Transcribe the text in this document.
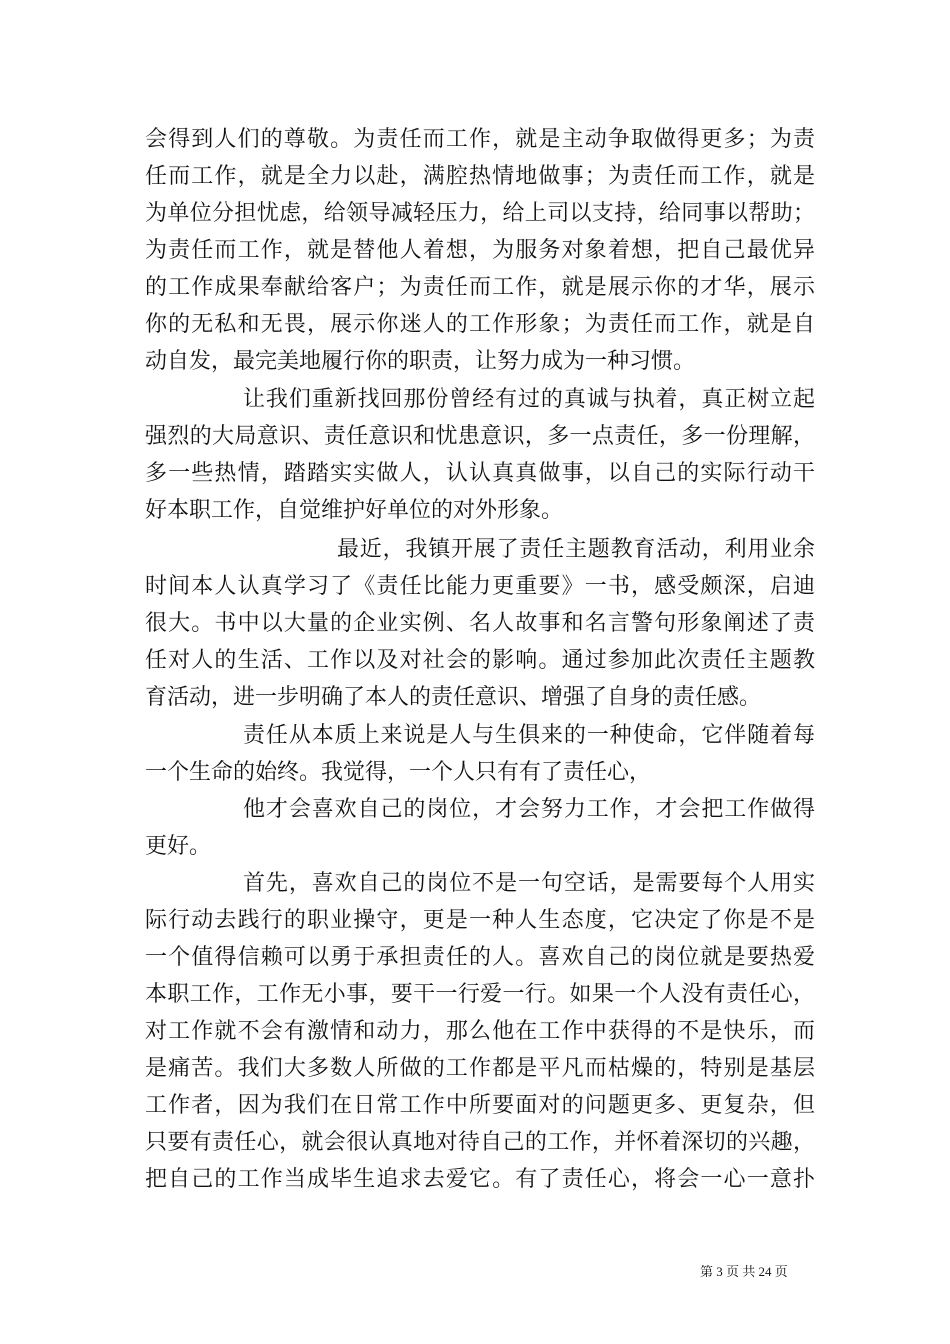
会得到人们的尊敬。为责任而工作，就是主动争取做得更多；为责
任而工作，就是全力以赴，满腔热情地做事；为责任而工作，就是
为单位分担忧虑，给领导减轻压力，给上司以支持，给同事以帮助；
为责任而工作，就是替他人着想，为服务对象着想，把自己最优异
的工作成果奉献给客户；为责任而工作，就是展示你的才华，展示
你的无私和无畏，展示你迷人的工作形象；为责任而工作，就是自
动自发，最完美地履行你的职责，让努力成为一种习惯。
让我们重新找回那份曾经有过的真诚与执着，真正树立起
强烈的大局意识、责任意识和忧患意识，多一点责任，多一份理解，
多一些热情，踏踏实实做人，认认真真做事，以自己的实际行动干
好本职工作，自觉维护好单位的对外形象。
最近，我镇开展了责任主题教育活动，利用业余
时间本人认真学习了《责任比能力更重要》一书，感受颇深，启迪
很大。书中以大量的企业实例、名人故事和名言警句形象阐述了责
任对人的生活、工作以及对社会的影响。通过参加此次责任主题教
育活动，进一步明确了本人的责任意识、增强了自身的责任感。
责任从本质上来说是人与生俱来的一种使命，它伴随着每
一个生命的始终。我觉得，一个人只有有了责任心，
他才会喜欢自己的岗位，才会努力工作，才会把工作做得
更好。
首先，喜欢自己的岗位不是一句空话，是需要每个人用实
际行动去践行的职业操守，更是一种人生态度，它决定了你是不是
一个值得信赖可以勇于承担责任的人。喜欢自己的岗位就是要热爱
本职工作，工作无小事，要干一行爱一行。如果一个人没有责任心，
对工作就不会有激情和动力，那么他在工作中获得的不是快乐，而
是痛苦。我们大多数人所做的工作都是平凡而枯燥的，特别是基层
工作者，因为我们在日常工作中所要面对的问题更多、更复杂，但
只要有责任心，就会很认真地对待自己的工作，并怀着深切的兴趣，
把自己的工作当成毕生追求去爱它。有了责任心，将会一心一意扑
第 3 页 共 24 页
